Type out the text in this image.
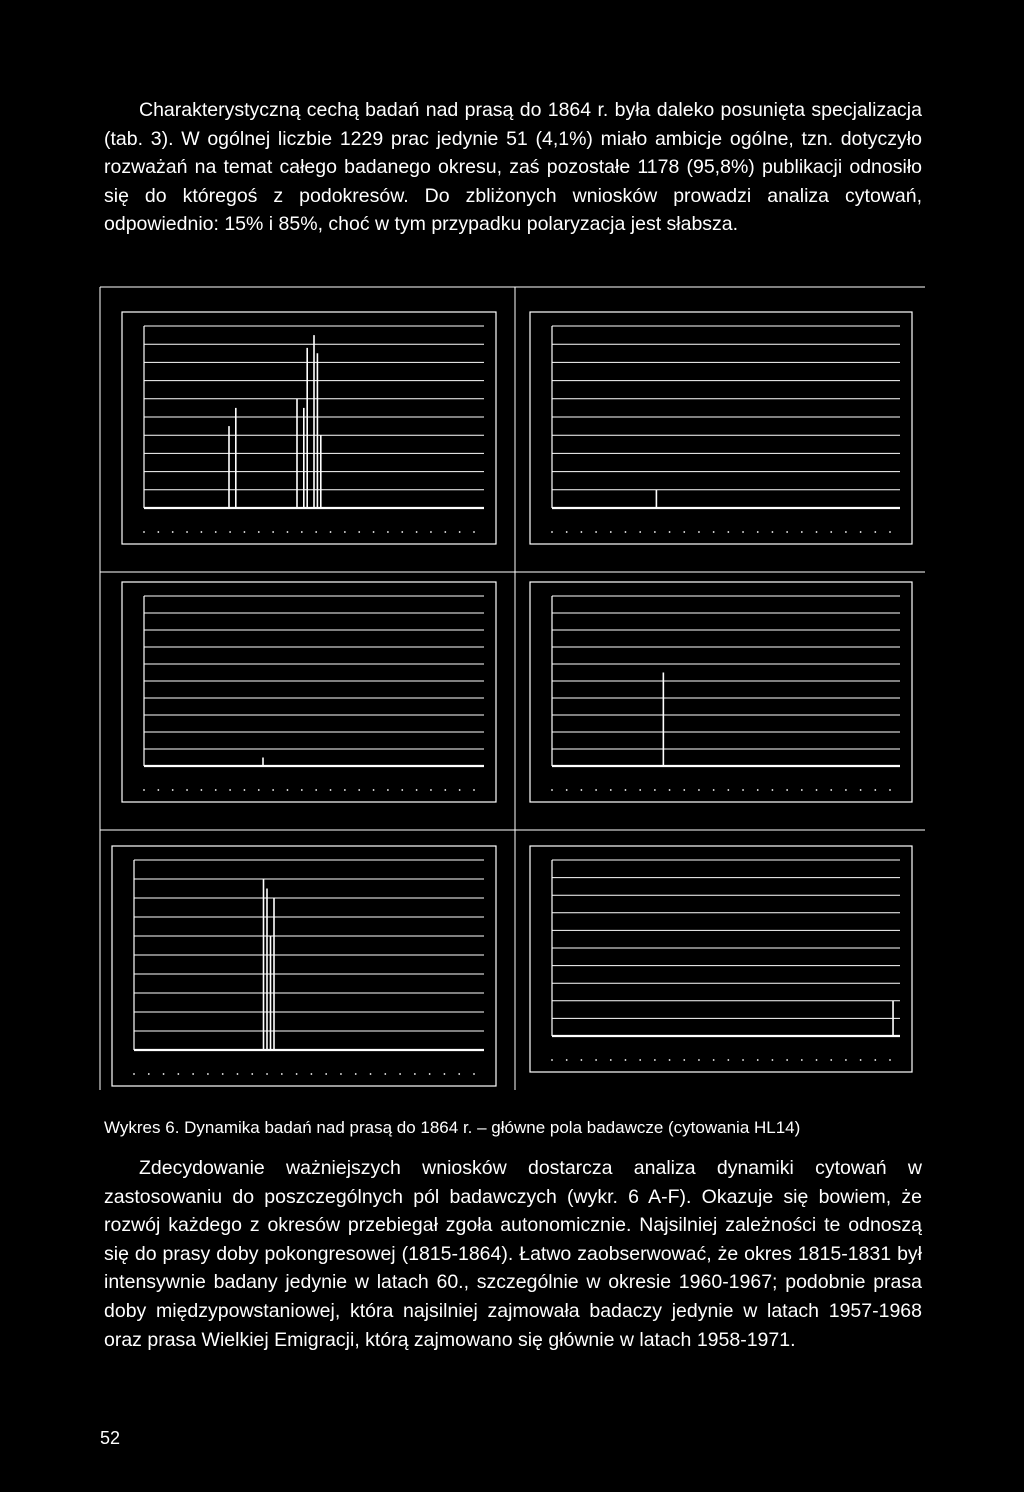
Charakterystyczną cechą badań nad prasą do 1864 r. była daleko posunięta specjalizacja (tab. 3). W ogólnej liczbie 1229 prac jedynie 51 (4,1%) miało ambicje ogólne, tzn. dotyczyło rozważań na temat całego badanego okresu, zaś pozostałe 1178 (95,8%) publikacji odnosiło się do któregoś z podokresów. Do zbliżonych wniosków prowadzi analiza cytowań, odpowiednio: 15% i 85%, choć w tym przypadku polaryzacja jest słabsza.

Wykres 6. Dynamika badań nad prasą do 1864 r. – główne pola badawcze (cytowania HL14)

Zdecydowanie ważniejszych wniosków dostarcza analiza dynamiki cytowań w zastosowaniu do poszczególnych pól badawczych (wykr. 6 A-F). Okazuje się bowiem, że rozwój każdego z okresów przebiegał zgoła autonomicznie. Najsilniej zależności te odnoszą się do prasy doby pokongresowej (1815-1864). Łatwo zaobserwować, że okres 1815-1831 był intensywnie badany jedynie w latach 60., szczególnie w okresie 1960-1967; podobnie prasa doby międzypowstaniowej, która najsilniej zajmowała badaczy jedynie w latach 1957-1968 oraz prasa Wielkiej Emigracji, którą zajmowano się głównie w latach 1958-1971.

52
